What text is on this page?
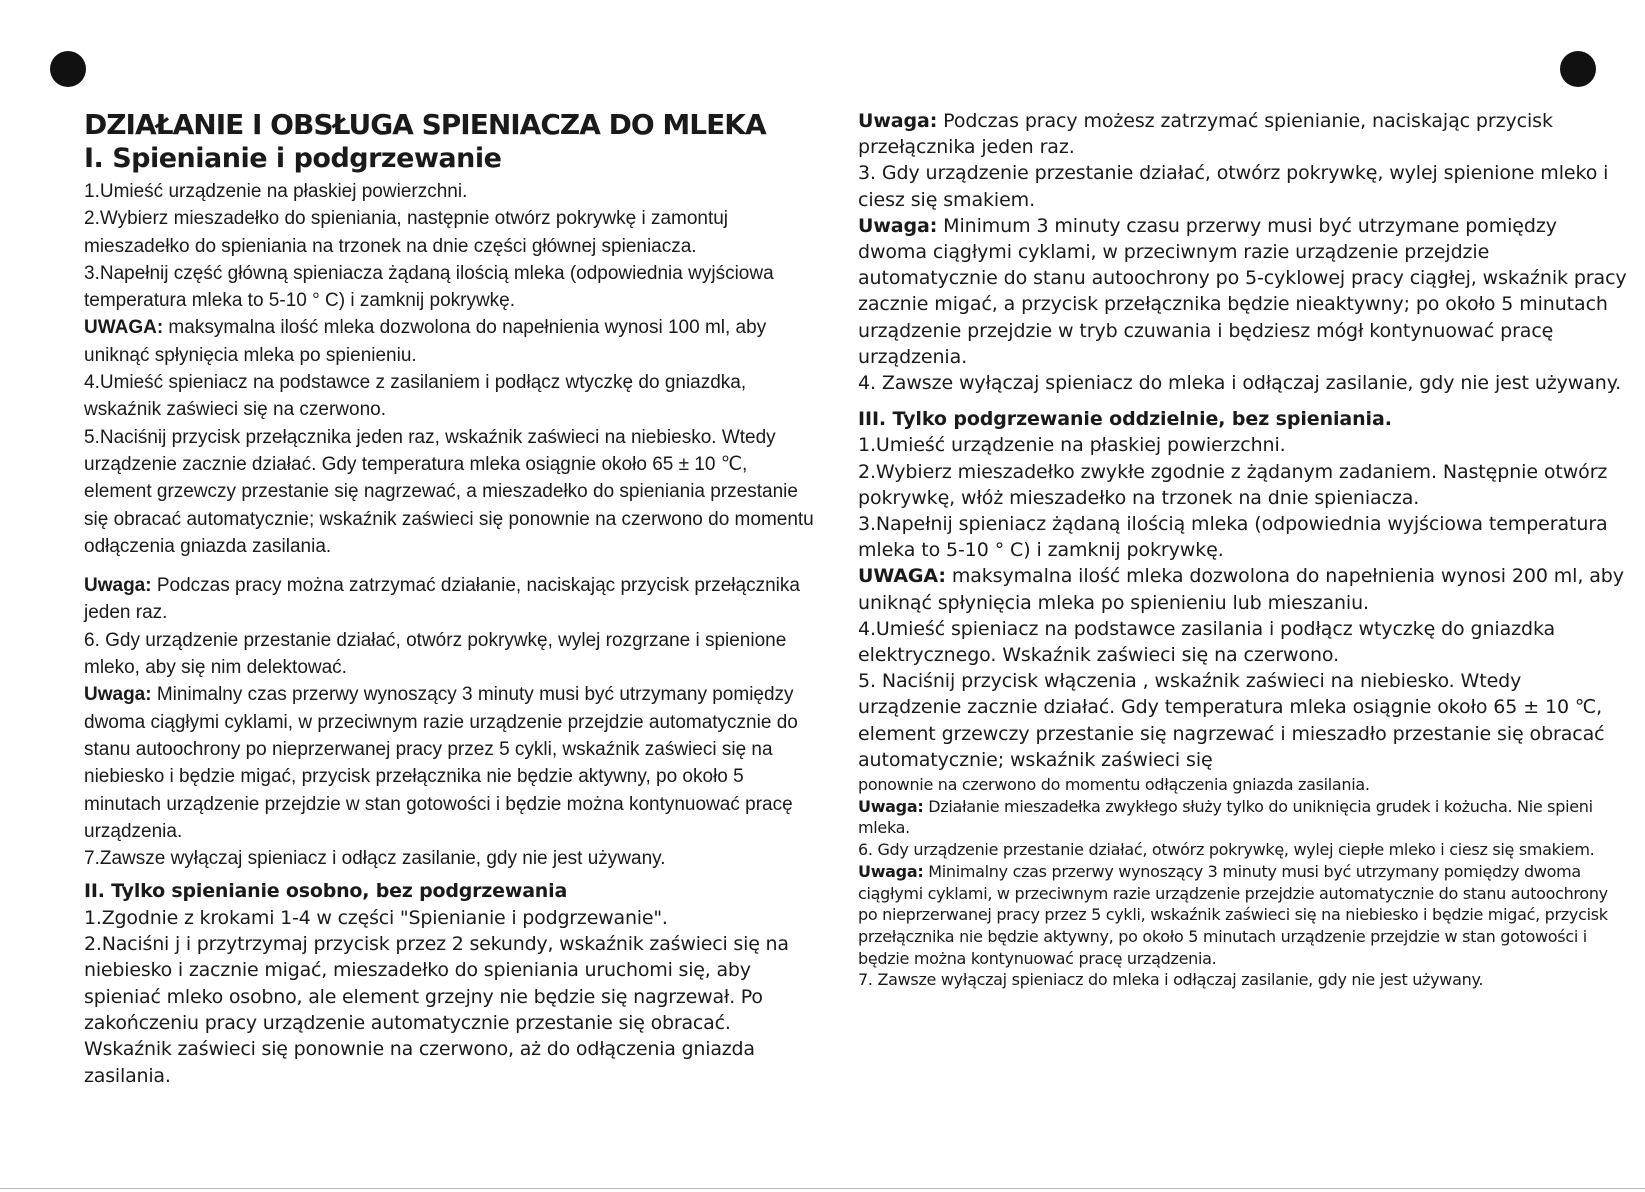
DZIAŁANIE I OBSŁUGA SPIENIACZA DO MLEKA

I. Spienianie i podgrzewanie

1.Umieść urządzenie na płaskiej powierzchni.

2.Wybierz mieszadełko do spieniania, następnie otwórz pokrywkę i zamontuj mieszadełko do spieniania na trzonek na dnie części głównej spieniacza.

3.Napełnij część główną spieniacza żądaną ilością mleka (odpowiednia wyjściowa temperatura mleka to 5-10 ° C) i zamknij pokrywkę.

UWAGA: maksymalna ilość mleka dozwolona do napełnienia wynosi 100 ml, aby uniknąć spłynięcia mleka po spienieniu.

4.Umieść spieniacz na podstawce z zasilaniem i podłącz wtyczkę do gniazdka, wskaźnik zaświeci się na czerwono.

5.Naciśnij przycisk przełącznika jeden raz, wskaźnik zaświeci na niebiesko. Wtedy urządzenie zacznie działać. Gdy temperatura mleka osiągnie około 65 ± 10 ℃, element grzewczy przestanie się nagrzewać, a mieszadełko do spieniania przestanie się obracać automatycznie; wskaźnik zaświeci się ponownie na czerwono do momentu odłączenia gniazda zasilania.

Uwaga: Podczas pracy można zatrzymać działanie, naciskając przycisk przełącznika jeden raz.

6. Gdy urządzenie przestanie działać, otwórz pokrywkę, wylej rozgrzane i spienione mleko, aby się nim delektować.

Uwaga: Minimalny czas przerwy wynoszący 3 minuty musi być utrzymany pomiędzy dwoma ciągłymi cyklami, w przeciwnym razie urządzenie przejdzie automatycznie do stanu autoochrony po nieprzerwanej pracy przez 5 cykli, wskaźnik zaświeci się na niebiesko i będzie migać, przycisk przełącznika nie będzie aktywny, po około 5 minutach urządzenie przejdzie w stan gotowości i będzie można kontynuować pracę urządzenia.

7.Zawsze wyłączaj spieniacz i odłącz zasilanie, gdy nie jest używany.

II. Tylko spienianie osobno, bez podgrzewania

1.Zgodnie z krokami 1-4 w części "Spienianie i podgrzewanie".

2.Naciśni j i przytrzymaj przycisk przez 2 sekundy, wskaźnik zaświeci się na niebiesko i zacznie migać, mieszadełko do spieniania uruchomi się, aby spieniać mleko osobno, ale element grzejny nie będzie się nagrzewał. Po zakończeniu pracy urządzenie automatycznie przestanie się obracać. Wskaźnik zaświeci się ponownie na czerwono, aż do odłączenia gniazda zasilania.

Uwaga: Podczas pracy możesz zatrzymać spienianie, naciskając przycisk przełącznika jeden raz.

3. Gdy urządzenie przestanie działać, otwórz pokrywkę, wylej spienione mleko i ciesz się smakiem.

Uwaga: Minimum 3 minuty czasu przerwy musi być utrzymane pomiędzy dwoma ciągłymi cyklami, w przeciwnym razie urządzenie przejdzie automatycznie do stanu autoochrony po 5-cyklowej pracy ciągłej, wskaźnik pracy zacznie migać, a przycisk przełącznika będzie nieaktywny; po około 5 minutach urządzenie przejdzie w tryb czuwania i będziesz mógł kontynuować pracę urządzenia.

4. Zawsze wyłączaj spieniacz do mleka i odłączaj zasilanie, gdy nie jest używany.

III. Tylko podgrzewanie oddzielnie, bez spieniania.

1.Umieść urządzenie na płaskiej powierzchni.

2.Wybierz mieszadełko zwykłe zgodnie z żądanym zadaniem. Następnie otwórz pokrywkę, włóż mieszadełko na trzonek na dnie spieniacza.

3.Napełnij spieniacz żądaną ilością mleka (odpowiednia wyjściowa temperatura mleka to 5-10 ° C) i zamknij pokrywkę.

UWAGA: maksymalna ilość mleka dozwolona do napełnienia wynosi 200 ml, aby uniknąć spłynięcia mleka po spienieniu lub mieszaniu.

4.Umieść spieniacz na podstawce zasilania i podłącz wtyczkę do gniazdka elektrycznego. Wskaźnik zaświeci się na czerwono.

5. Naciśnij przycisk włączenia , wskaźnik zaświeci na niebiesko. Wtedy urządzenie zacznie działać. Gdy temperatura mleka osiągnie około 65 ± 10 ℃, element grzewczy przestanie się nagrzewać i mieszadło przestanie się obracać automatycznie; wskaźnik zaświeci się

ponownie na czerwono do momentu odłączenia gniazda zasilania.

Uwaga: Działanie mieszadełka zwykłego służy tylko do uniknięcia grudek i kożucha. Nie spieni mleka.

6. Gdy urządzenie przestanie działać, otwórz pokrywkę, wylej ciepłe mleko i ciesz się smakiem.

Uwaga: Minimalny czas przerwy wynoszący 3 minuty musi być utrzymany pomiędzy dwoma ciągłymi cyklami, w przeciwnym razie urządzenie przejdzie automatycznie do stanu autoochrony po nieprzerwanej pracy przez 5 cykli, wskaźnik zaświeci się na niebiesko i będzie migać, przycisk przełącznika nie będzie aktywny, po około 5 minutach urządzenie przejdzie w stan gotowości i będzie można kontynuować pracę urządzenia.

7. Zawsze wyłączaj spieniacz do mleka i odłączaj zasilanie, gdy nie jest używany.
